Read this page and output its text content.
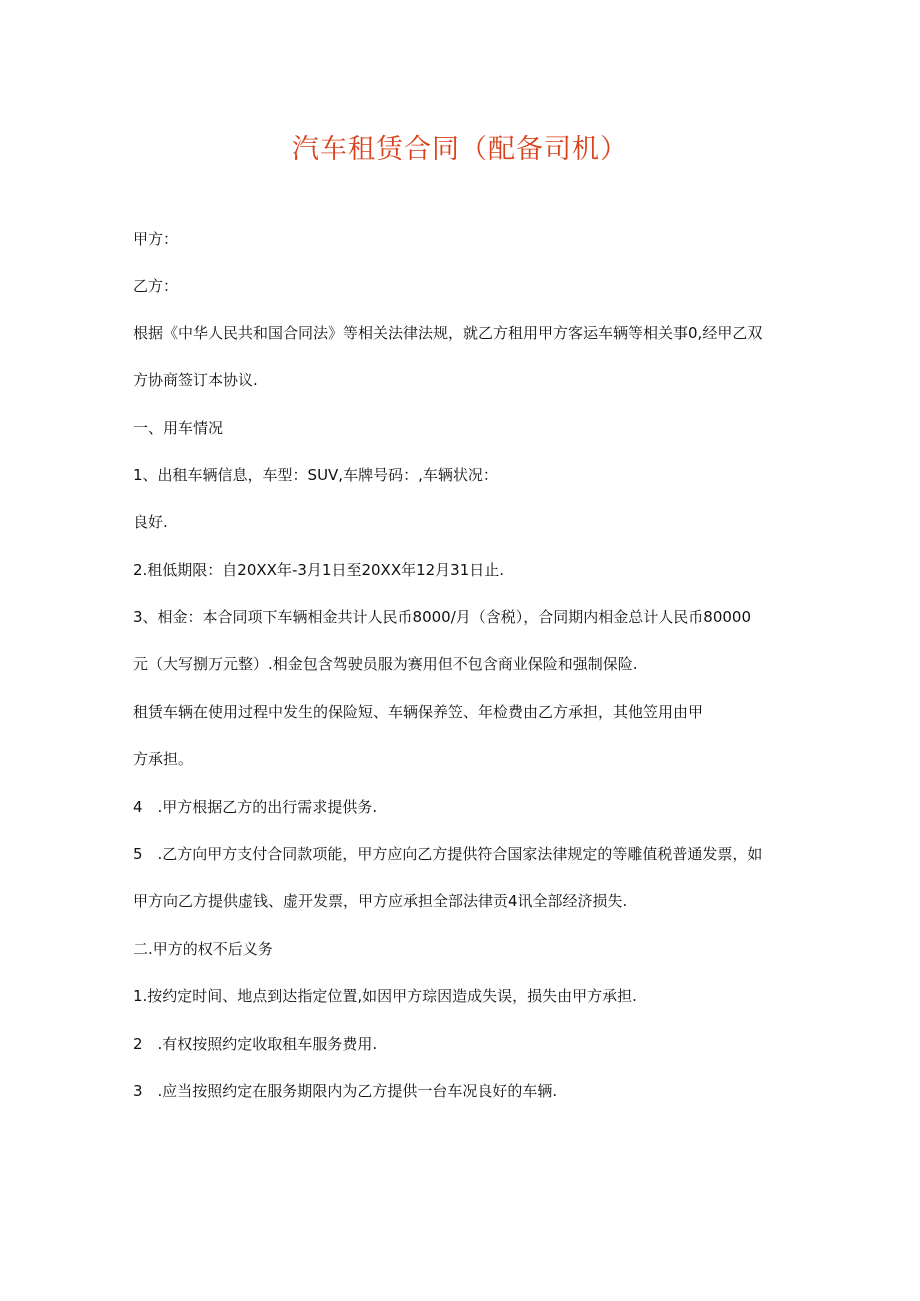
汽车租赁合同（配备司机）

甲方：

乙方：

根据《中华人民共和国合同法》等相关法律法规，就乙方租用甲方客运车辆等相关事0,经甲乙双

方协商签订本协议.

一、用车情况

1、出租车辆信息，车型：SUV,车牌号码：,车辆状况：

良好.

2.租低期限：自20XX年-3月1日至20XX年12月31日止.

3、相金：本合同项下车辆相金共计人民币8000/月（含税），合同期内相金总计人民币80000

元（大写捌万元整）.相金包含驾驶员服为赛用但不包含商业保险和强制保险.

租赁车辆在使用过程中发生的保险短、车辆保养笠、年检费由乙方承担，其他笠用由甲

方承担。

4 .甲方根据乙方的出行需求提供务.

5 .乙方向甲方支付合同款项能，甲方应向乙方提供符合国家法律规定的等雕值税普通发票，如

甲方向乙方提供虚钱、虚开发票，甲方应承担全部法律贡4讯全部经济损失.

二.甲方的权不后义务

1.按约定时间、地点到达指定位置,如因甲方琮因造成失误，损失由甲方承担.

2 .有权按照约定收取租车服务费用.

3 .应当按照约定在服务期限内为乙方提供一台车况良好的车辆.
